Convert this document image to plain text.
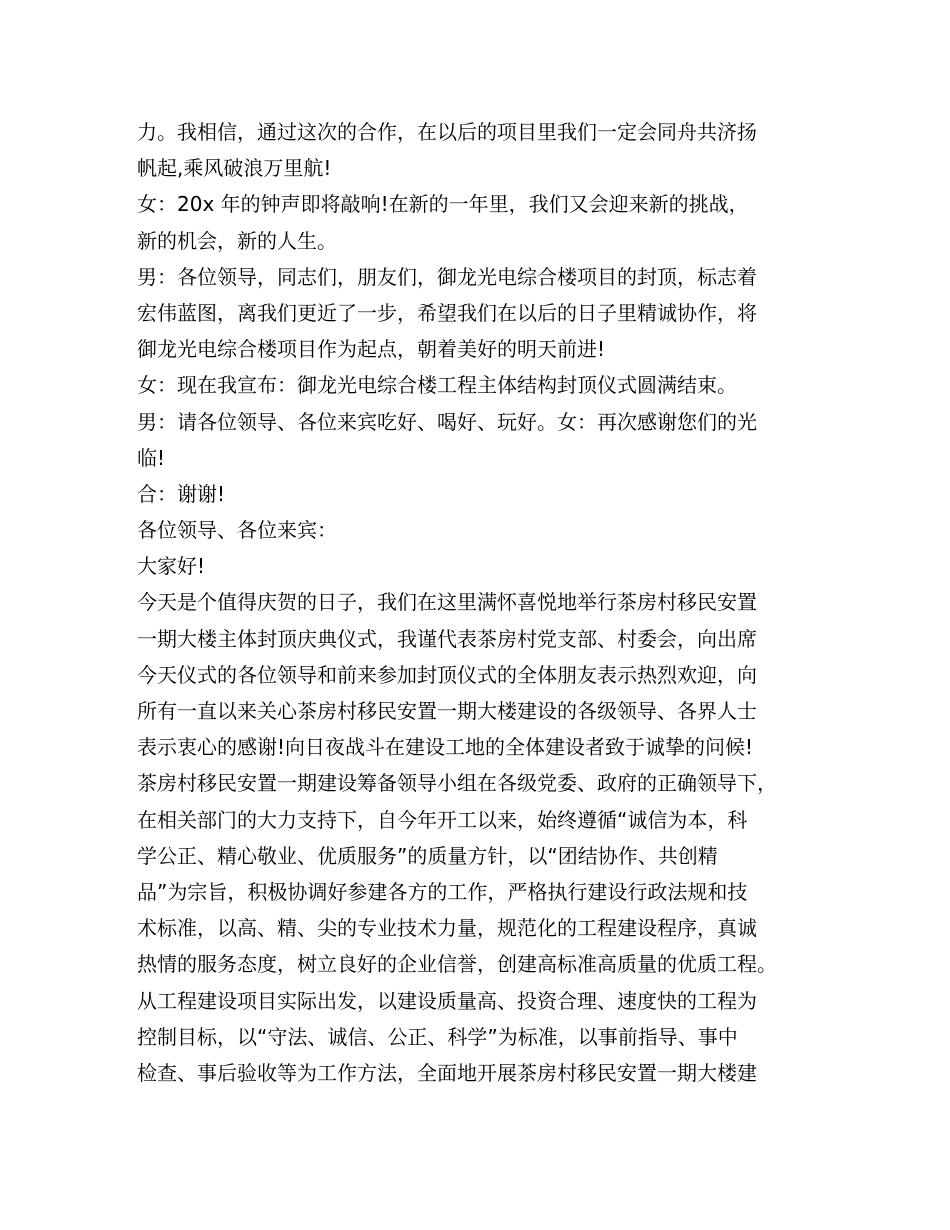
力。我相信，通过这次的合作，在以后的项目里我们一定会同舟共济扬
帆起,乘风破浪万里航!
女：20x 年的钟声即将敲响!在新的一年里，我们又会迎来新的挑战，
新的机会，新的人生。
男：各位领导，同志们，朋友们，御龙光电综合楼项目的封顶，标志着
宏伟蓝图，离我们更近了一步，希望我们在以后的日子里精诚协作，将
御龙光电综合楼项目作为起点，朝着美好的明天前进!
女：现在我宣布：御龙光电综合楼工程主体结构封顶仪式圆满结束。
男：请各位领导、各位来宾吃好、喝好、玩好。女：再次感谢您们的光
临!
合：谢谢!
各位领导、各位来宾：
大家好!
今天是个值得庆贺的日子，我们在这里满怀喜悦地举行茶房村移民安置
一期大楼主体封顶庆典仪式，我谨代表茶房村党支部、村委会，向出席
今天仪式的各位领导和前来参加封顶仪式的全体朋友表示热烈欢迎，向
所有一直以来关心茶房村移民安置一期大楼建设的各级领导、各界人士
表示衷心的感谢!向日夜战斗在建设工地的全体建设者致于诚挚的问候!
茶房村移民安置一期建设筹备领导小组在各级党委、政府的正确领导下，
在相关部门的大力支持下，自今年开工以来，始终遵循“诚信为本，科
学公正、精心敬业、优质服务”的质量方针，以“团结协作、共创精
品”为宗旨，积极协调好参建各方的工作，严格执行建设行政法规和技
术标准，以高、精、尖的专业技术力量，规范化的工程建设程序，真诚
热情的服务态度，树立良好的企业信誉，创建高标准高质量的优质工程。
从工程建设项目实际出发，以建设质量高、投资合理、速度快的工程为
控制目标，以“守法、诚信、公正、科学”为标准，以事前指导、事中
检查、事后验收等为工作方法，全面地开展茶房村移民安置一期大楼建
